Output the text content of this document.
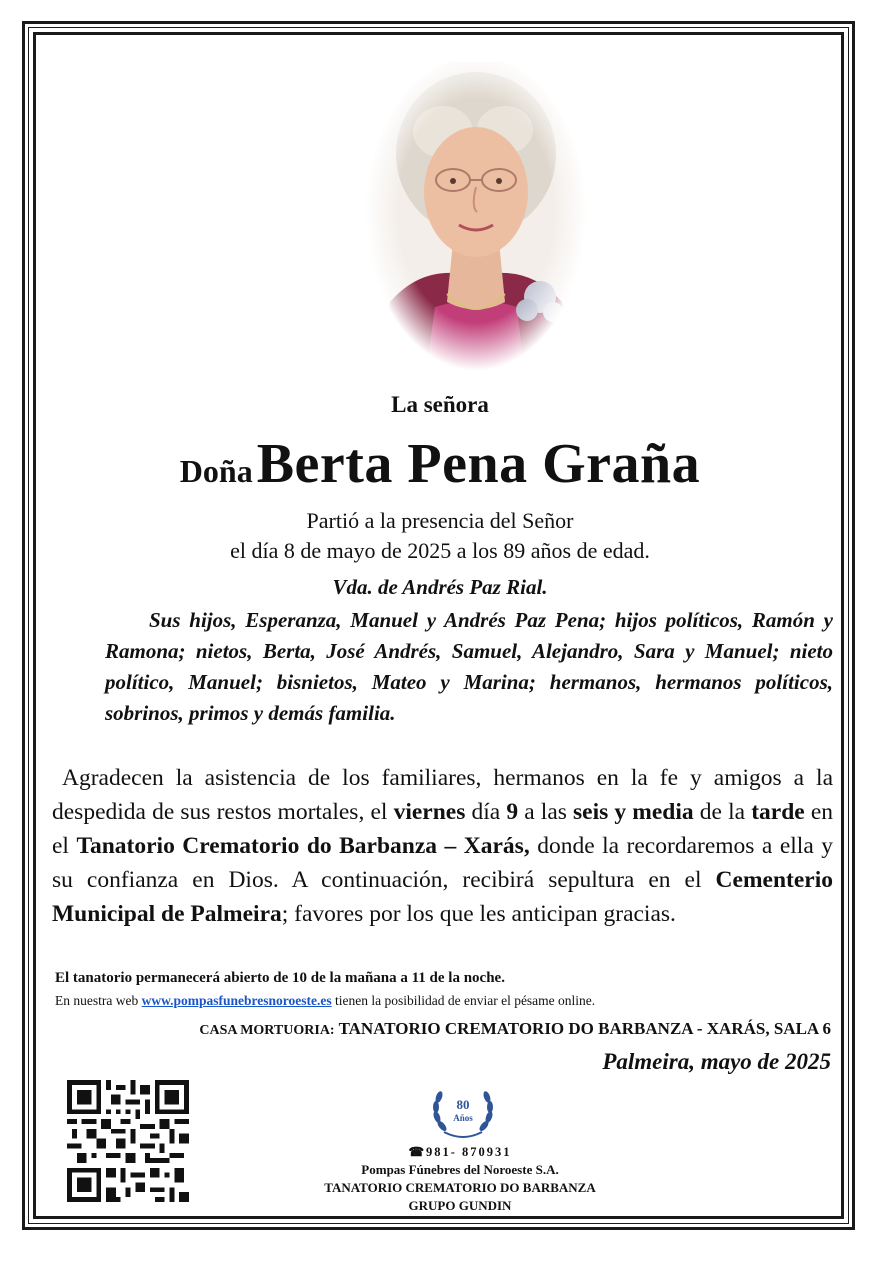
La señora
Doña Berta Pena Graña
Partió a la presencia del Señor
el día 8 de mayo de 2025 a los 89 años de edad.
Vda. de Andrés Paz Rial.

Sus hijos, Esperanza, Manuel y Andrés Paz Pena; hijos políticos, Ramón y Ramona; nietos, Berta, José Andrés, Samuel, Alejandro, Sara y Manuel; nieto político, Manuel; bisnietos, Mateo y Marina; hermanos, hermanos políticos, sobrinos, primos y demás familia.

Agradecen la asistencia de los familiares, hermanos en la fe y amigos a la despedida de sus restos mortales, el viernes día 9 a las seis y media de la tarde en el Tanatorio Crematorio do Barbanza – Xarás, donde la recordaremos a ella y su confianza en Dios. A continuación, recibirá sepultura en el Cementerio Municipal de Palmeira; favores por los que les anticipan gracias.

El tanatorio permanecerá abierto de 10 de la mañana a 11 de la noche.
En nuestra web www.pompasfunebresnoroeste.es tienen la posibilidad de enviar el pésame online.
CASA MORTUORIA: TANATORIO CREMATORIO DO BARBANZA - XARÁS, SALA 6
Palmeira, mayo de 2025
80
Años
☎981- 870931
Pompas Fúnebres del Noroeste S.A.
TANATORIO CREMATORIO DO BARBANZA
GRUPO GUNDIN
